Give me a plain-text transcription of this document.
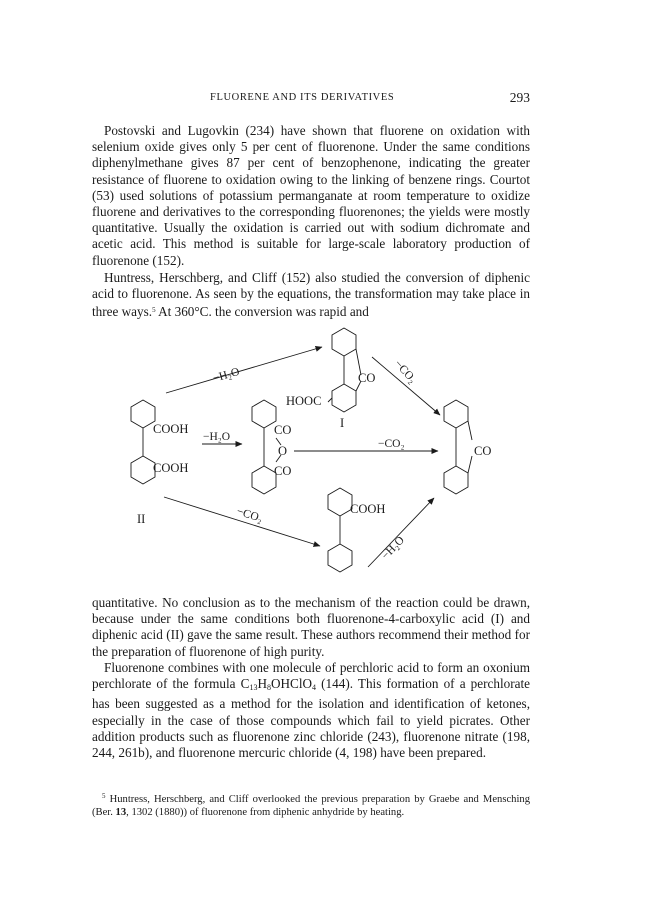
FLUORENE AND ITS DERIVATIVES	293

Postovski and Lugovkin (234) have shown that fluorene on oxidation with selenium oxide gives only 5 per cent of fluorenone. Under the same conditions diphenylmethane gives 87 per cent of benzophenone, indicating the greater resistance of fluorene to oxidation owing to the linking of benzene rings. Courtot (53) used solutions of potassium permanganate at room temperature to oxidize fluorene and derivatives to the corresponding fluorenones; the yields were mostly quantitative. Usually the oxidation is carried out with sodium dichromate and acetic acid. This method is suitable for large-scale laboratory production of fluorenone (152).

Huntress, Herschberg, and Cliff (152) also studied the conversion of diphenic acid to fluorenone. As seen by the equations, the transformation may take place in three ways.$^5$ At 360°C. the conversion was rapid and

CO
HOOC
I
COOH
COOH
II
CO
O
CO
CO
COOH
−H₂O
−H₂O
−CO₂
−CO₂
−CO₂
−H₂O

quantitative. No conclusion as to the mechanism of the reaction could be drawn, because under the same conditions both fluorenone-4-carboxylic acid (I) and diphenic acid (II) gave the same result. These authors recommend their method for the preparation of fluorenone of high purity.

Fluorenone combines with one molecule of perchloric acid to form an oxonium perchlorate of the formula $C_{13}H_8OHClO_4$ (144). This formation of a perchlorate has been suggested as a method for the isolation and identification of ketones, especially in the case of those compounds which fail to yield picrates. Other addition products such as fluorenone zinc chloride (243), fluorenone nitrate (198, 244, 261b), and fluorenone mercuric chloride (4, 198) have been prepared.

$^5$ Huntress, Herschberg, and Cliff overlooked the previous preparation by Graebe and Mensching (Ber. 13, 1302 (1880)) of fluorenone from diphenic anhydride by heating.
